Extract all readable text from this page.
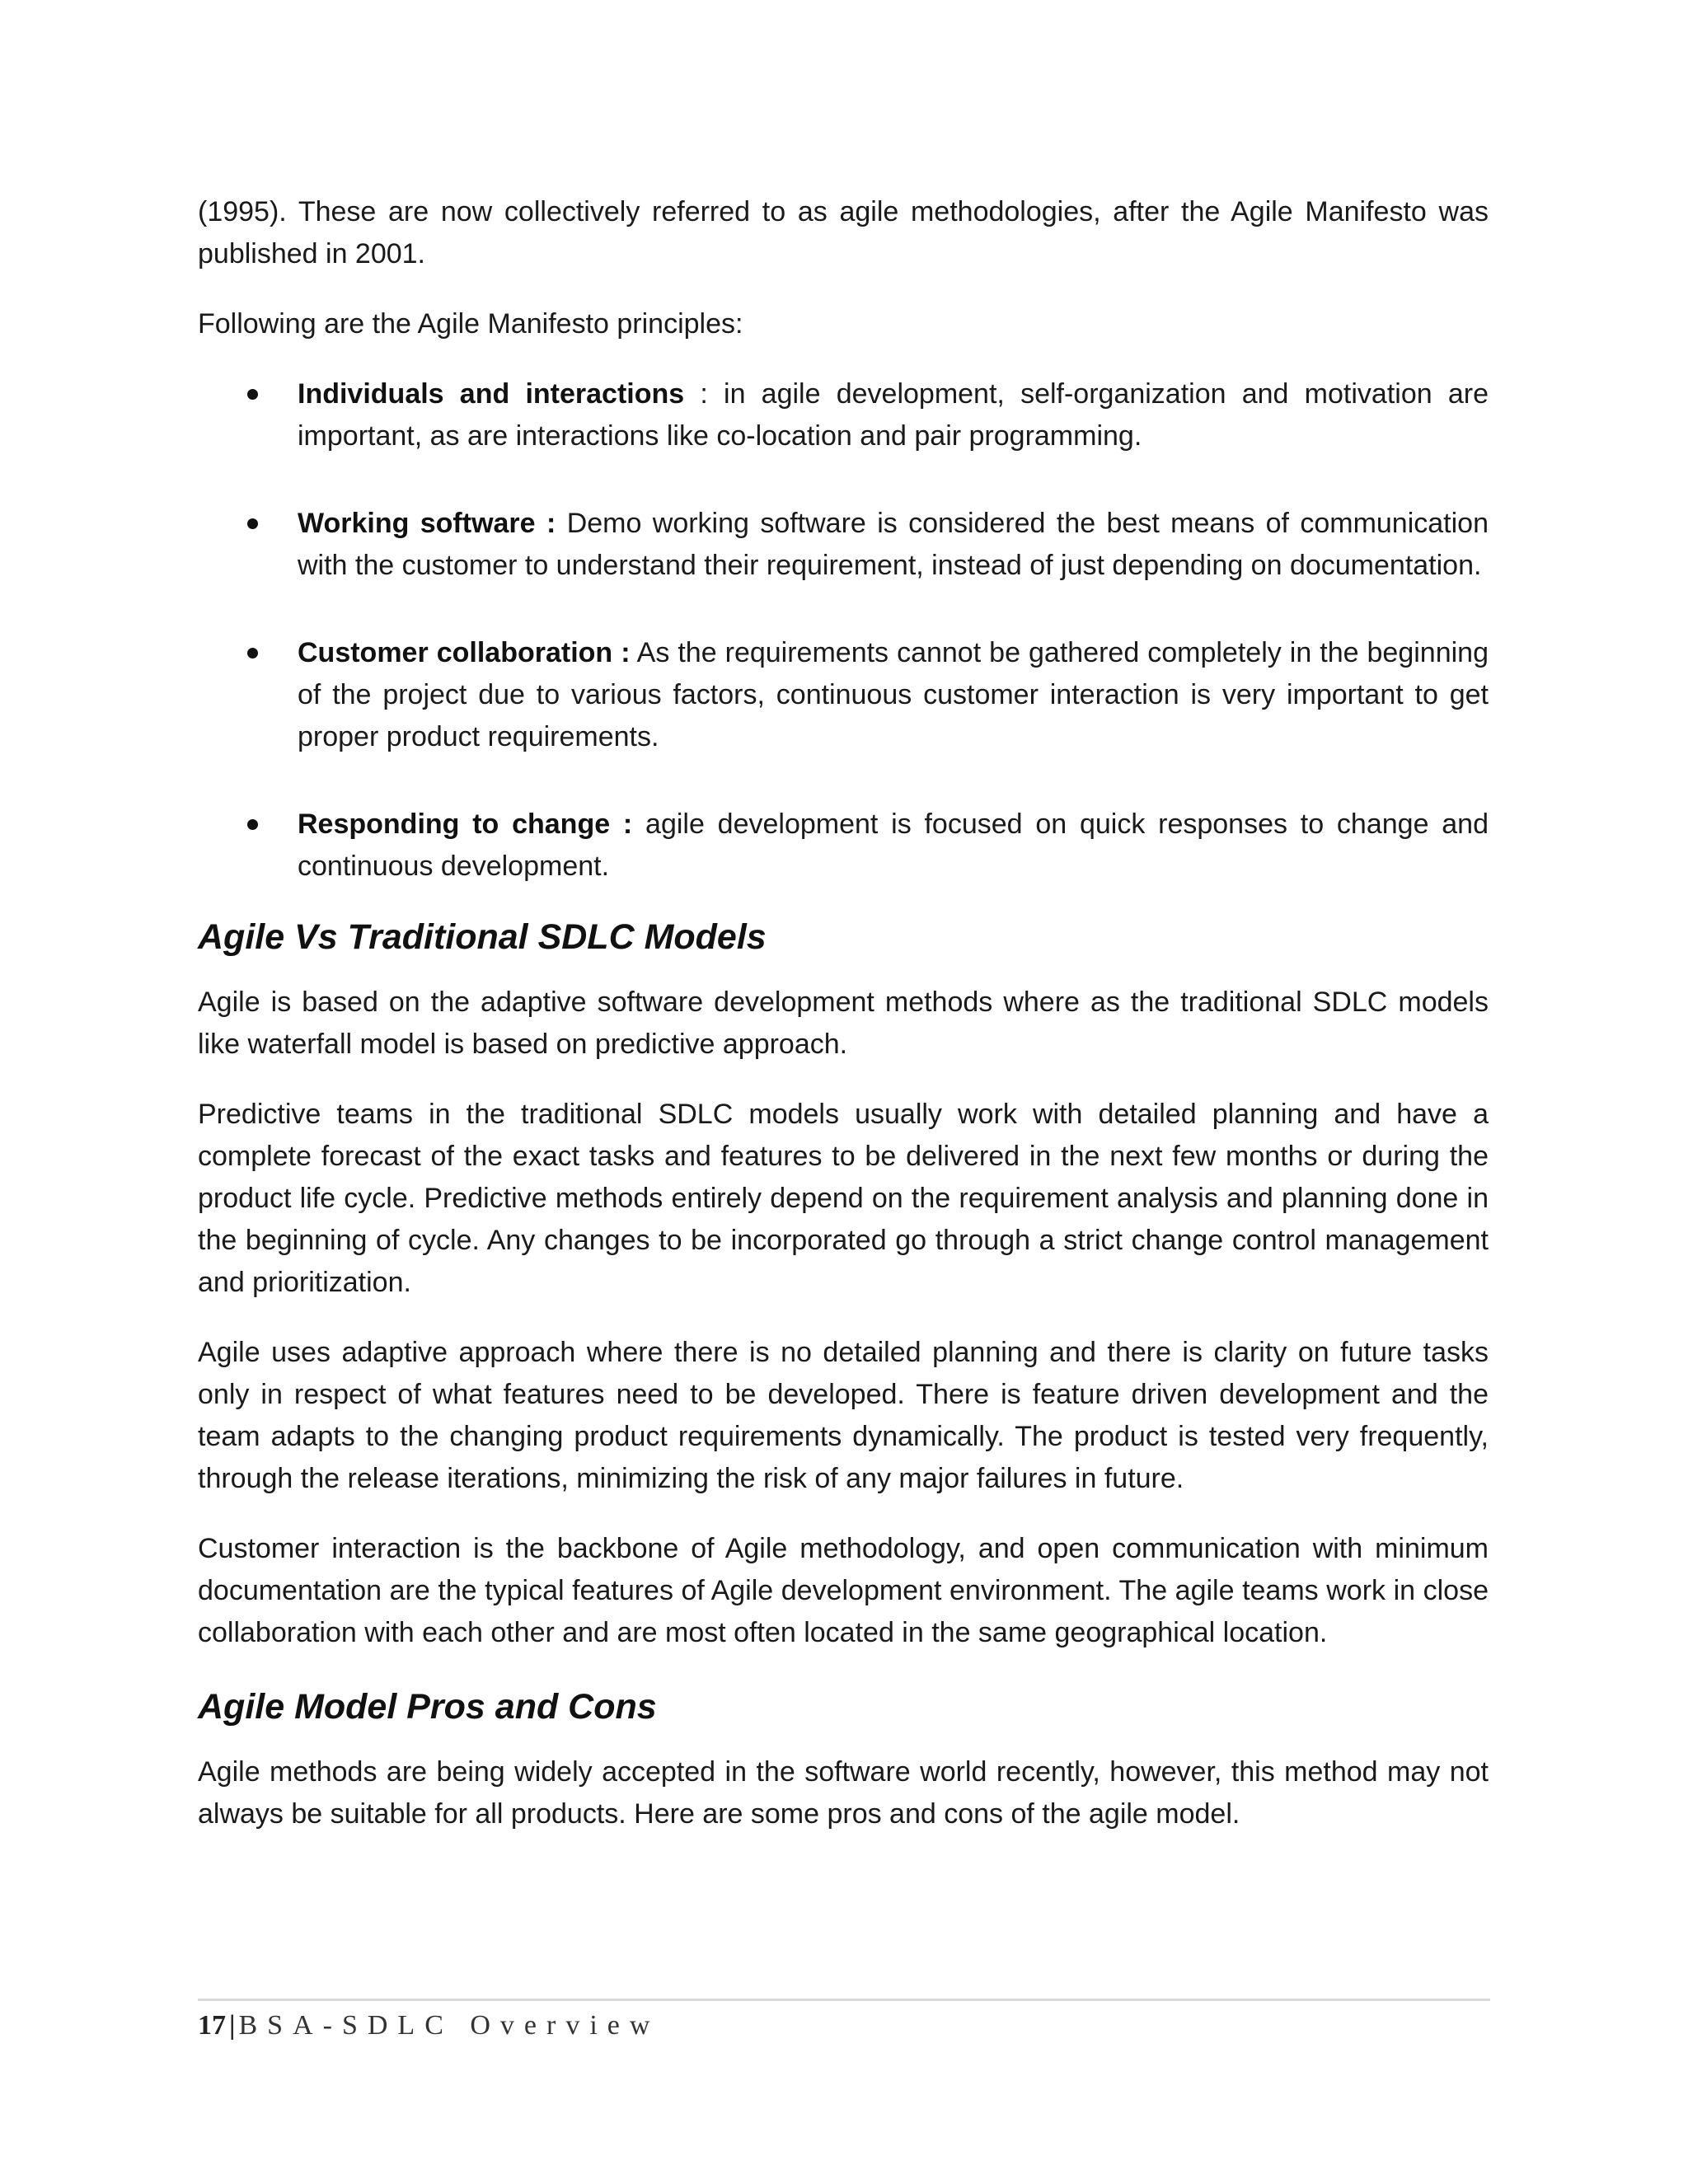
(1995). These are now collectively referred to as agile methodologies, after the Agile Manifesto was published in 2001.

Following are the Agile Manifesto principles:

Individuals and interactions : in agile development, self-organization and motivation are important, as are interactions like co-location and pair programming.
Working software : Demo working software is considered the best means of communication with the customer to understand their requirement, instead of just depending on documentation.
Customer collaboration : As the requirements cannot be gathered completely in the beginning of the project due to various factors, continuous customer interaction is very important to get proper product requirements.
Responding to change : agile development is focused on quick responses to change and continuous development.
Agile Vs Traditional SDLC Models

Agile is based on the adaptive software development methods where as the traditional SDLC models like waterfall model is based on predictive approach.

Predictive teams in the traditional SDLC models usually work with detailed planning and have a complete forecast of the exact tasks and features to be delivered in the next few months or during the product life cycle. Predictive methods entirely depend on the requirement analysis and planning done in the beginning of cycle. Any changes to be incorporated go through a strict change control management and prioritization.

Agile uses adaptive approach where there is no detailed planning and there is clarity on future tasks only in respect of what features need to be developed. There is feature driven development and the team adapts to the changing product requirements dynamically. The product is tested very frequently, through the release iterations, minimizing the risk of any major failures in future.

Customer interaction is the backbone of Agile methodology, and open communication with minimum documentation are the typical features of Agile development environment. The agile teams work in close collaboration with each other and are most often located in the same geographical location.

Agile Model Pros and Cons

Agile methods are being widely accepted in the software world recently, however, this method may not always be suitable for all products. Here are some pros and cons of the agile model.

17 | BSA-SDLC Overview
